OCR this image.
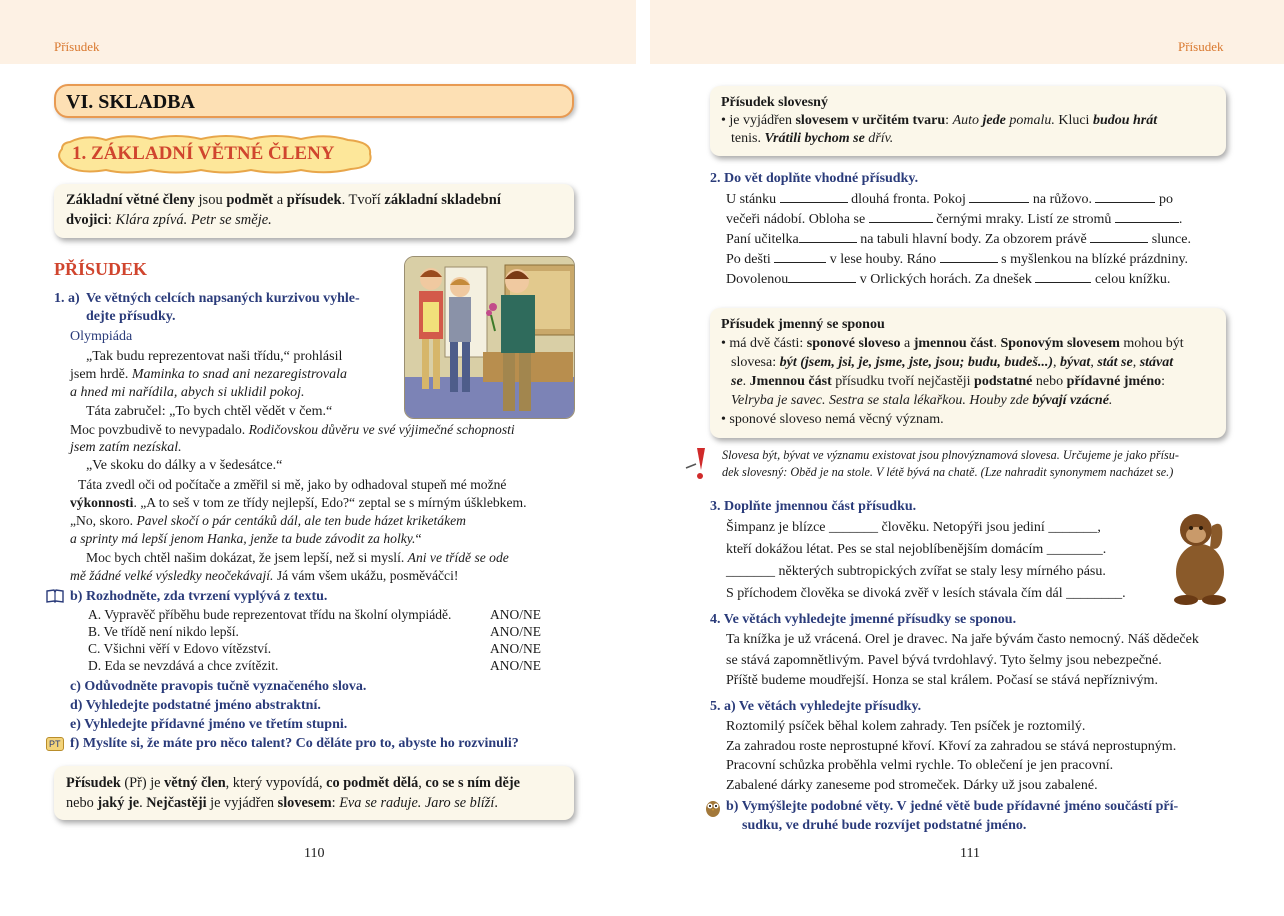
Přísudek
VI. SKLADBA
1. ZÁKLADNÍ VĚTNÉ ČLENY
Základní větné členy jsou podmět a přísudek. Tvoří základní skladební
dvojici: Klára zpívá. Petr se směje.
PŘÍSUDEK
1. a) Ve větných celcích napsaných kurzivou vyhle-
dejte přísudky.
Olympiáda
„Tak budu reprezentovat naši třídu,“ prohlásil
jsem hrdě. Maminka to snad ani nezaregistrovala
a hned mi nařídila, abych si uklidil pokoj.
Táta zabručel: „To bych chtěl vědět v čem.“
Moc povzbudivě to nevypadalo. Rodičovskou důvěru ve své výjimečné schopnosti
jsem zatím nezískal.
„Ve skoku do dálky a v šedesátce.“
Táta zvedl oči od počítače a změřil si mě, jako by odhadoval stupeň mé možné
výkonnosti. „A to seš v tom ze třídy nejlepší, Edo?“ zeptal se s mírným úšklebkem.
„No, skoro. Pavel skočí o pár centáků dál, ale ten bude házet kriketákem
a sprinty má lepší jenom Hanka, jenže ta bude závodit za holky.“
Moc bych chtěl našim dokázat, že jsem lepší, než si myslí. Ani ve třídě se ode
mě žádné velké výsledky neočekávají. Já vám všem ukážu, posměváčci!
b) Rozhodněte, zda tvrzení vyplývá z textu.
A. Vypravěč příběhu bude reprezentovat třídu na školní olympiádě.	ANO/NE
B. Ve třídě není nikdo lepší.	ANO/NE
C. Všichni věří v Edovo vítězství.	ANO/NE
D. Eda se nevzdává a chce zvítězit.	ANO/NE
c) Odůvodněte pravopis tučně vyznačeného slova.
d) Vyhledejte podstatné jméno abstraktní.
e) Vyhledejte přídavné jméno ve třetím stupni.
PT f) Myslíte si, že máte pro něco talent? Co děláte pro to, abyste ho rozvinuli?
Přísudek (Př) je větný člen, který vypovídá, co podmět dělá, co se s ním děje
nebo jaký je. Nejčastěji je vyjádřen slovesem: Eva se raduje. Jaro se blíží.
110
Přísudek
Přísudek slovesný
• je vyjádřen slovesem v určitém tvaru: Auto jede pomalu. Kluci budou hrát
tenis. Vrátili bychom se dřív.
2. Do vět doplňte vhodné přísudky.
U stánku	dlouhá fronta. Pokoj	na růžovo.	po
večeři nádobí. Obloha se	černými mraky. Listí ze stromů	.
Paní učitelka	na tabuli hlavní body. Za obzorem právě	slunce.
Po dešti	v lese houby. Ráno	s myšlenkou na blízké prázdniny.
Dovolenou	v Orlických horách. Za dnešek	celou knížku.
Přísudek jmenný se sponou
• má dvě části: sponové sloveso a jmennou část. Sponovým slovesem mohou být
slovesa: být (jsem, jsi, je, jsme, jste, jsou; budu, budeš...), bývat, stát se, stávat
se. Jmennou část přísudku tvoří nejčastěji podstatné nebo přídavné jméno:
Velryba je savec. Sestra se stala lékařkou. Houby zde bývají vzácné.
• sponové sloveso nemá věcný význam.
Slovesa být, bývat ve významu existovat jsou plnovýznamová slovesa. Určujeme je jako přísu-
dek slovesný: Oběd je na stole. V létě bývá na chatě. (Lze nahradit synonymem nacházet se.)
3. Doplňte jmennou část přísudku.
Šimpanz je blízce _______ člověku. Netopýři jsou jediní _______,
kteří dokážou létat. Pes se stal nejoblíbenějším domácím ________.
_______ některých subtropických zvířat se staly lesy mírného pásu.
S příchodem člověka se divoká zvěř v lesích stávala čím dál ________.
4. Ve větách vyhledejte jmenné přísudky se sponou.
Ta knížka je už vrácená. Orel je dravec. Na jaře bývám často nemocný. Náš dědeček
se stává zapomnětlivým. Pavel bývá tvrdohlavý. Tyto šelmy jsou nebezpečné.
Příště budeme moudřejší. Honza se stal králem. Počasí se stává nepříznivým.
5. a) Ve větách vyhledejte přísudky.
Roztomilý psíček běhal kolem zahrady. Ten psíček je roztomilý.
Za zahradou roste neprostupné křoví. Křoví za zahradou se stává neprostupným.
Pracovní schůzka proběhla velmi rychle. To oblečení je jen pracovní.
Zabalené dárky zaneseme pod stromeček. Dárky už jsou zabalené.
b) Vymýšlejte podobné věty. V jedné větě bude přídavné jméno součástí pří-
sudku, ve druhé bude rozvíjet podstatné jméno.
111
